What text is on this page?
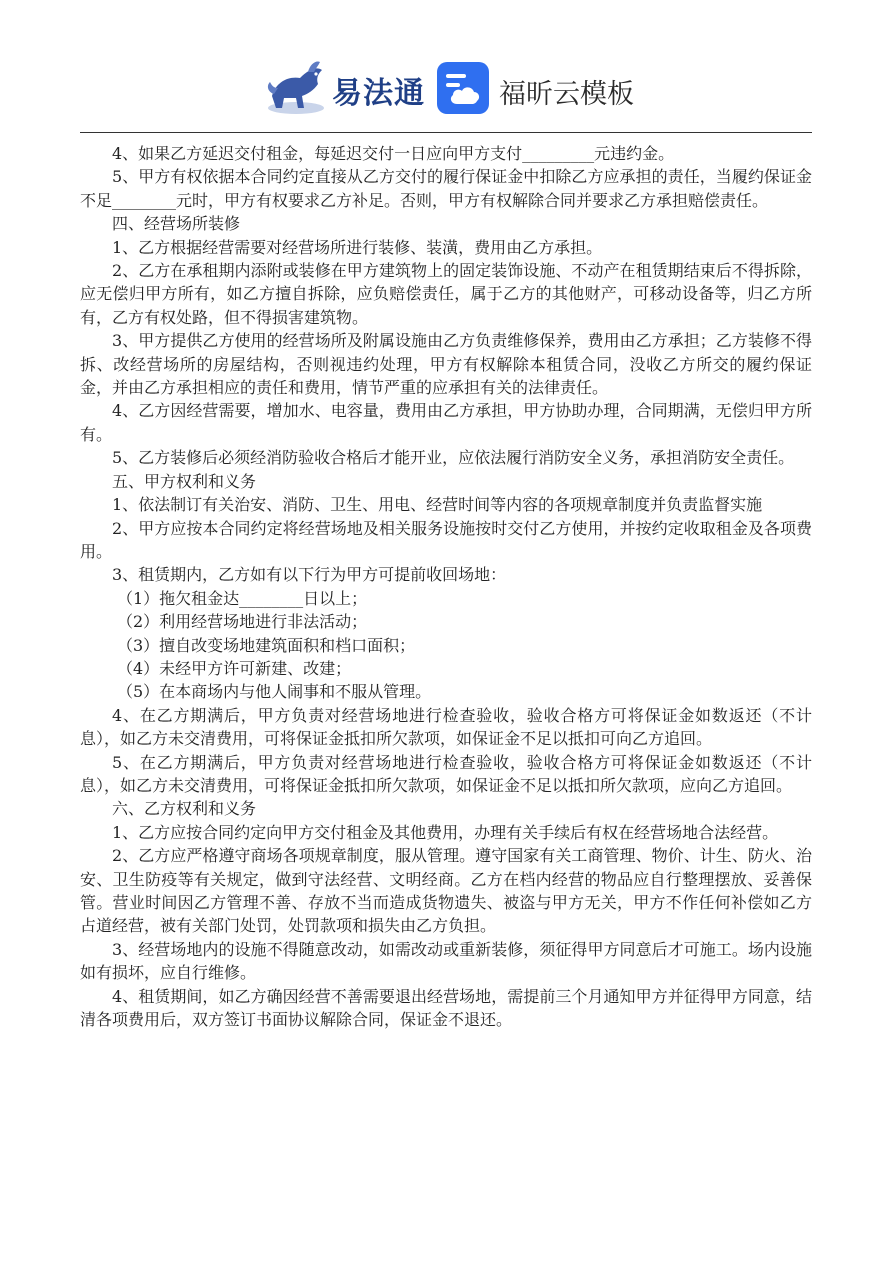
易法通	福昕云模板

4、如果乙方延迟交付租金，每延迟交付一日应向甲方支付_________元违约金。

5、甲方有权依据本合同约定直接从乙方交付的履行保证金中扣除乙方应承担的责任，当履约保证金不足________元时，甲方有权要求乙方补足。否则，甲方有权解除合同并要求乙方承担赔偿责任。

四、经营场所装修

1、乙方根据经营需要对经营场所进行装修、装潢，费用由乙方承担。

2、乙方在承租期内添附或装修在甲方建筑物上的固定装饰设施、不动产在租赁期结束后不得拆除，应无偿归甲方所有，如乙方擅自拆除，应负赔偿责任，属于乙方的其他财产，可移动设备等，归乙方所有，乙方有权处路，但不得损害建筑物。

3、甲方提供乙方使用的经营场所及附属设施由乙方负责维修保养，费用由乙方承担；乙方装修不得拆、改经营场所的房屋结构，否则视违约处理，甲方有权解除本租赁合同，没收乙方所交的履约保证金，并由乙方承担相应的责任和费用，情节严重的应承担有关的法律责任。

4、乙方因经营需要，增加水、电容量，费用由乙方承担，甲方协助办理，合同期满，无偿归甲方所有。

5、乙方装修后必须经消防验收合格后才能开业，应依法履行消防安全义务，承担消防安全责任。

五、甲方权利和义务

1、依法制订有关治安、消防、卫生、用电、经营时间等内容的各项规章制度并负责监督实施

2、甲方应按本合同约定将经营场地及相关服务设施按时交付乙方使用，并按约定收取租金及各项费用。

3、租赁期内，乙方如有以下行为甲方可提前收回场地：

（1）拖欠租金达________日以上；

（2）利用经营场地进行非法活动；

（3）擅自改变场地建筑面积和档口面积；

（4）未经甲方许可新建、改建；

（5）在本商场内与他人闹事和不服从管理。

4、在乙方期满后，甲方负责对经营场地进行检查验收，验收合格方可将保证金如数返还（不计息），如乙方未交清费用，可将保证金抵扣所欠款项，如保证金不足以抵扣可向乙方追回。

5、在乙方期满后，甲方负责对经营场地进行检查验收，验收合格方可将保证金如数返还（不计息），如乙方未交清费用，可将保证金抵扣所欠款项，如保证金不足以抵扣所欠款项，应向乙方追回。

六、乙方权利和义务

1、乙方应按合同约定向甲方交付租金及其他费用，办理有关手续后有权在经营场地合法经营。

2、乙方应严格遵守商场各项规章制度，服从管理。遵守国家有关工商管理、物价、计生、防火、治安、卫生防疫等有关规定，做到守法经营、文明经商。乙方在档内经营的物品应自行整理摆放、妥善保管。营业时间因乙方管理不善、存放不当而造成货物遗失、被盗与甲方无关，甲方不作任何补偿如乙方占道经营，被有关部门处罚，处罚款项和损失由乙方负担。

3、经营场地内的设施不得随意改动，如需改动或重新装修，须征得甲方同意后才可施工。场内设施如有损坏，应自行维修。

4、租赁期间，如乙方确因经营不善需要退出经营场地，需提前三个月通知甲方并征得甲方同意，结清各项费用后，双方签订书面协议解除合同，保证金不退还。
